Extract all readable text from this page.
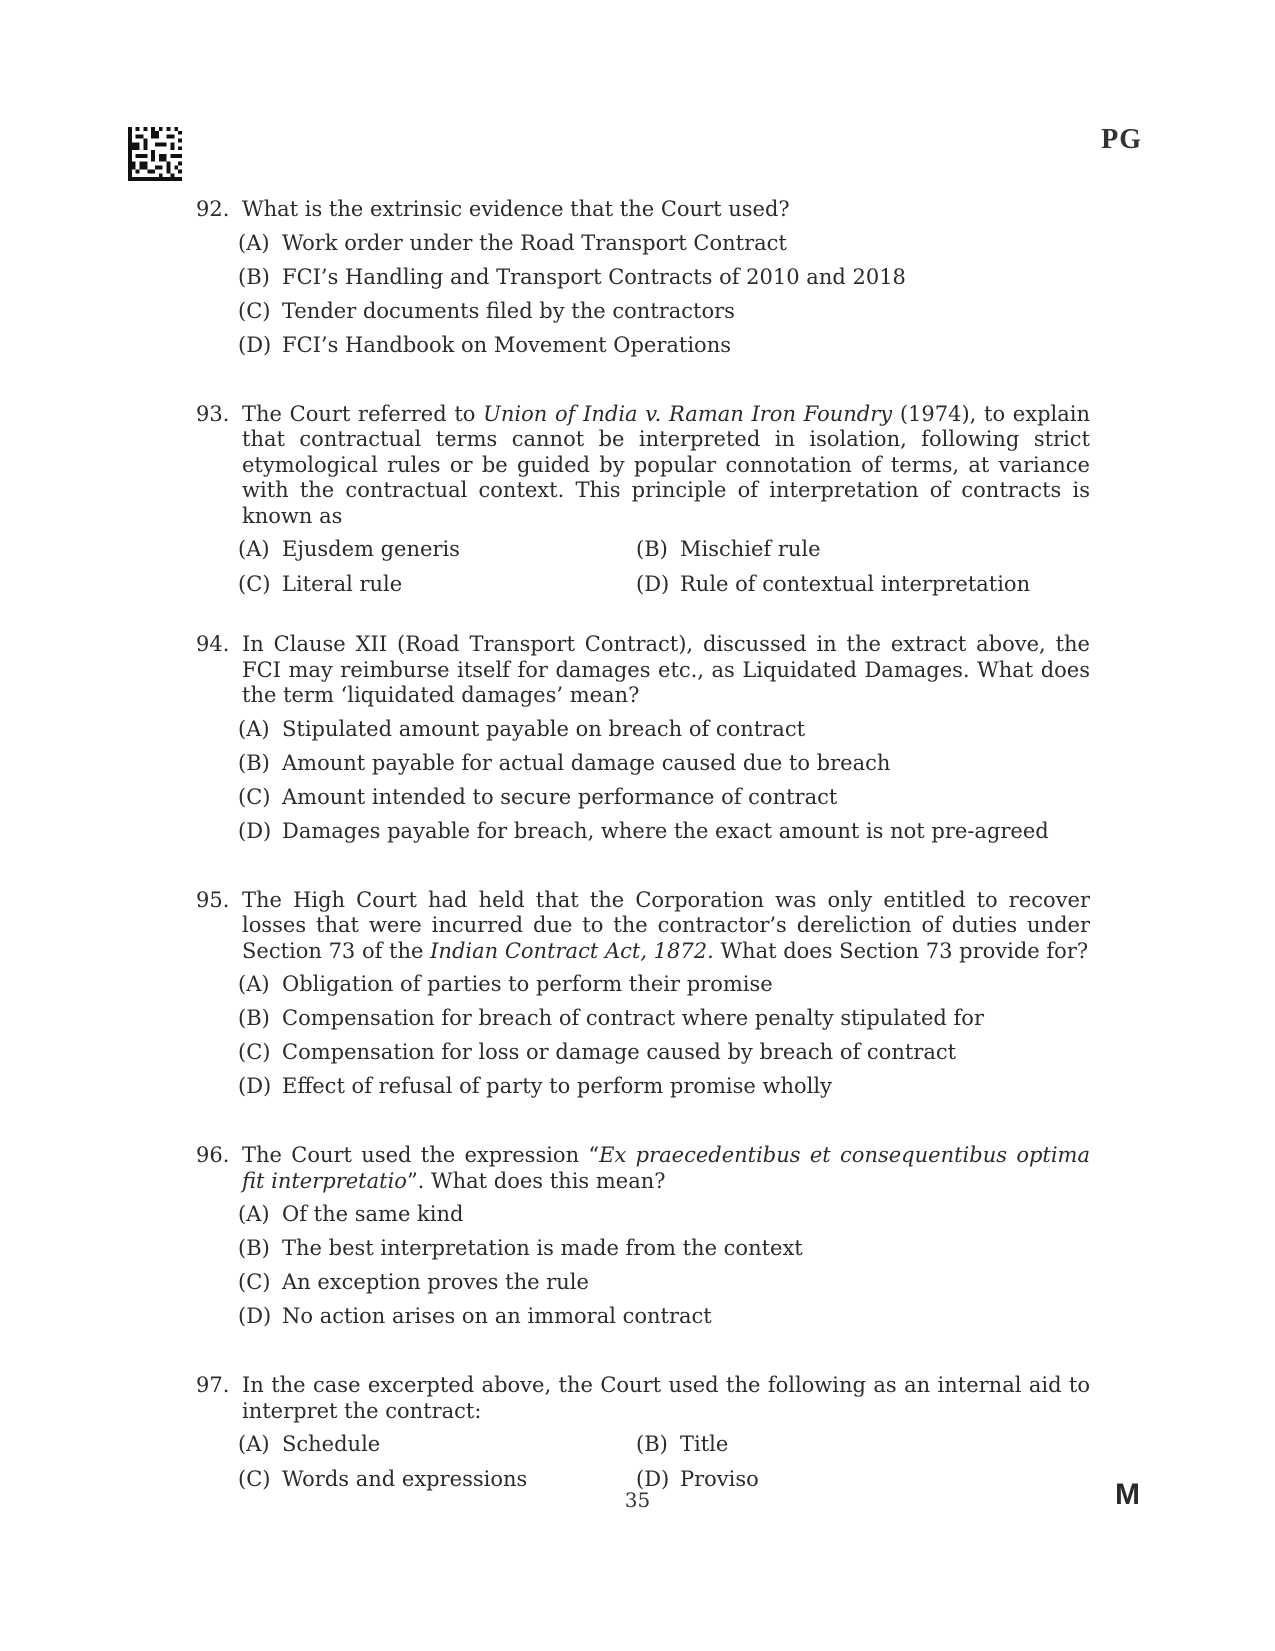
PG
92. What is the extrinsic evidence that the Court used?
(A) Work order under the Road Transport Contract
(B) FCI’s Handling and Transport Contracts of 2010 and 2018
(C) Tender documents filed by the contractors
(D) FCI’s Handbook on Movement Operations
93. The Court referred to Union of India v. Raman Iron Foundry (1974), to explain that contractual terms cannot be interpreted in isolation, following strict etymological rules or be guided by popular connotation of terms, at variance with the contractual context. This principle of interpretation of contracts is known as
(A) Ejusdem generis	(B) Mischief rule
(C) Literal rule	(D) Rule of contextual interpretation
94. In Clause XII (Road Transport Contract), discussed in the extract above, the FCI may reimburse itself for damages etc., as Liquidated Damages. What does the term ‘liquidated damages’ mean?
(A) Stipulated amount payable on breach of contract
(B) Amount payable for actual damage caused due to breach
(C) Amount intended to secure performance of contract
(D) Damages payable for breach, where the exact amount is not pre-agreed
95. The High Court had held that the Corporation was only entitled to recover losses that were incurred due to the contractor’s dereliction of duties under Section 73 of the Indian Contract Act, 1872. What does Section 73 provide for?
(A) Obligation of parties to perform their promise
(B) Compensation for breach of contract where penalty stipulated for
(C) Compensation for loss or damage caused by breach of contract
(D) Effect of refusal of party to perform promise wholly
96. The Court used the expression “Ex praecedentibus et consequentibus optima fit interpretatio”. What does this mean?
(A) Of the same kind
(B) The best interpretation is made from the context
(C) An exception proves the rule
(D) No action arises on an immoral contract
97. In the case excerpted above, the Court used the following as an internal aid to interpret the contract:
(A) Schedule	(B) Title
(C) Words and expressions	(D) Proviso
35	M
